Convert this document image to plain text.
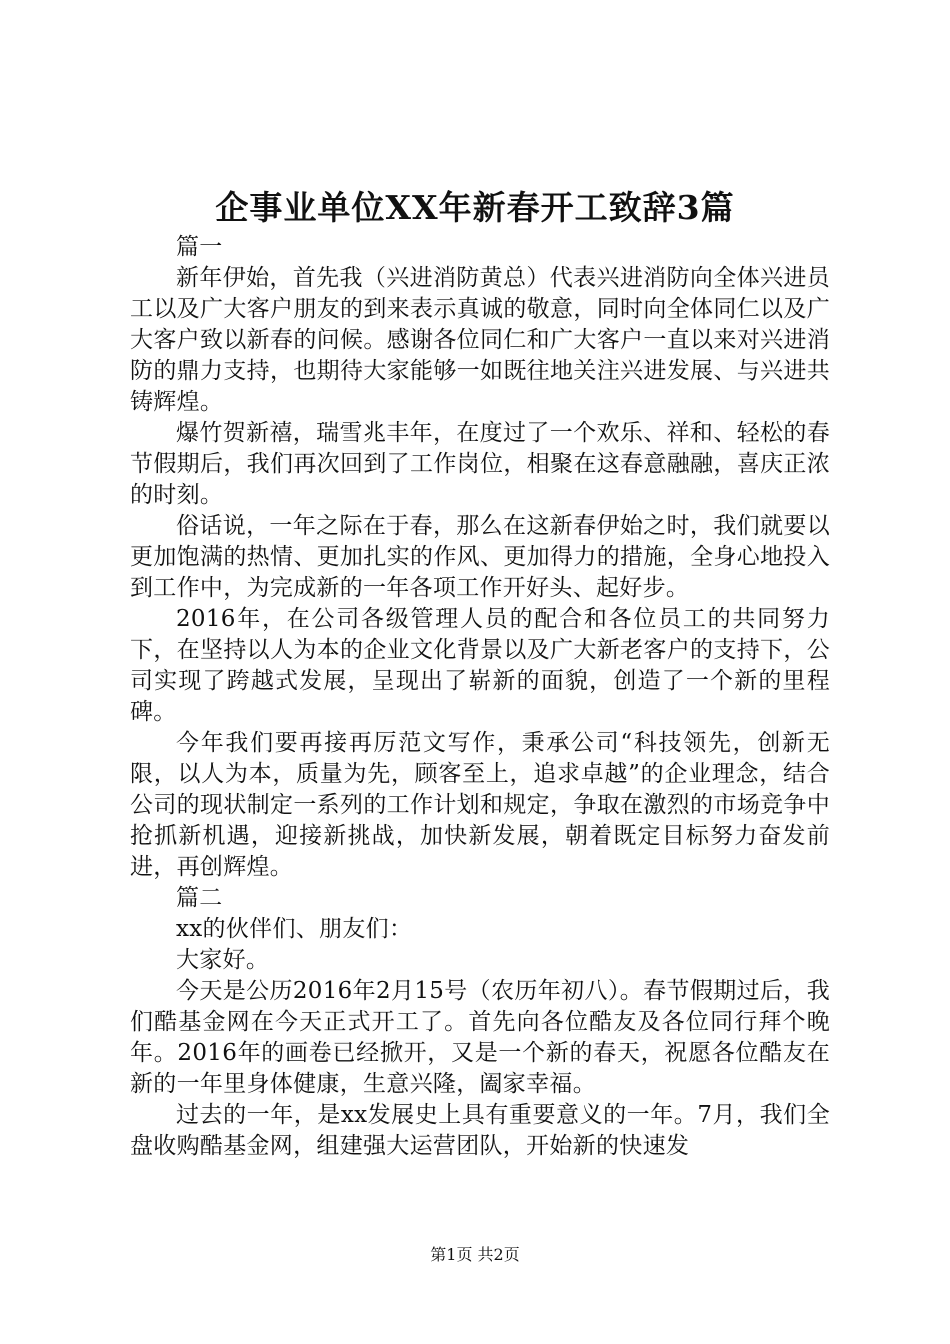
企事业单位XX年新春开工致辞3篇

篇一

新年伊始，首先我（兴进消防黄总）代表兴进消防向全体兴进员工以及广大客户朋友的到来表示真诚的敬意，同时向全体同仁以及广大客户致以新春的问候。感谢各位同仁和广大客户一直以来对兴进消防的鼎力支持，也期待大家能够一如既往地关注兴进发展、与兴进共铸辉煌。

爆竹贺新禧，瑞雪兆丰年，在度过了一个欢乐、祥和、轻松的春节假期后，我们再次回到了工作岗位，相聚在这春意融融，喜庆正浓的时刻。

俗话说，一年之际在于春，那么在这新春伊始之时，我们就要以更加饱满的热情、更加扎实的作风、更加得力的措施，全身心地投入到工作中，为完成新的一年各项工作开好头、起好步。

2016年，在公司各级管理人员的配合和各位员工的共同努力下，在坚持以人为本的企业文化背景以及广大新老客户的支持下，公司实现了跨越式发展，呈现出了崭新的面貌，创造了一个新的里程碑。

今年我们要再接再厉范文写作，秉承公司“科技领先，创新无限，以人为本，质量为先，顾客至上，追求卓越”的企业理念，结合公司的现状制定一系列的工作计划和规定，争取在激烈的市场竞争中抢抓新机遇，迎接新挑战，加快新发展，朝着既定目标努力奋发前进，再创辉煌。

篇二

xx的伙伴们、朋友们：

大家好。

今天是公历2016年2月15号（农历年初八）。春节假期过后，我们酷基金网在今天正式开工了。首先向各位酷友及各位同行拜个晚年。2016年的画卷已经掀开，又是一个新的春天，祝愿各位酷友在新的一年里身体健康，生意兴隆，阖家幸福。

过去的一年，是xx发展史上具有重要意义的一年。7月，我们全盘收购酷基金网，组建强大运营团队，开始新的快速发

第1页 共2页
